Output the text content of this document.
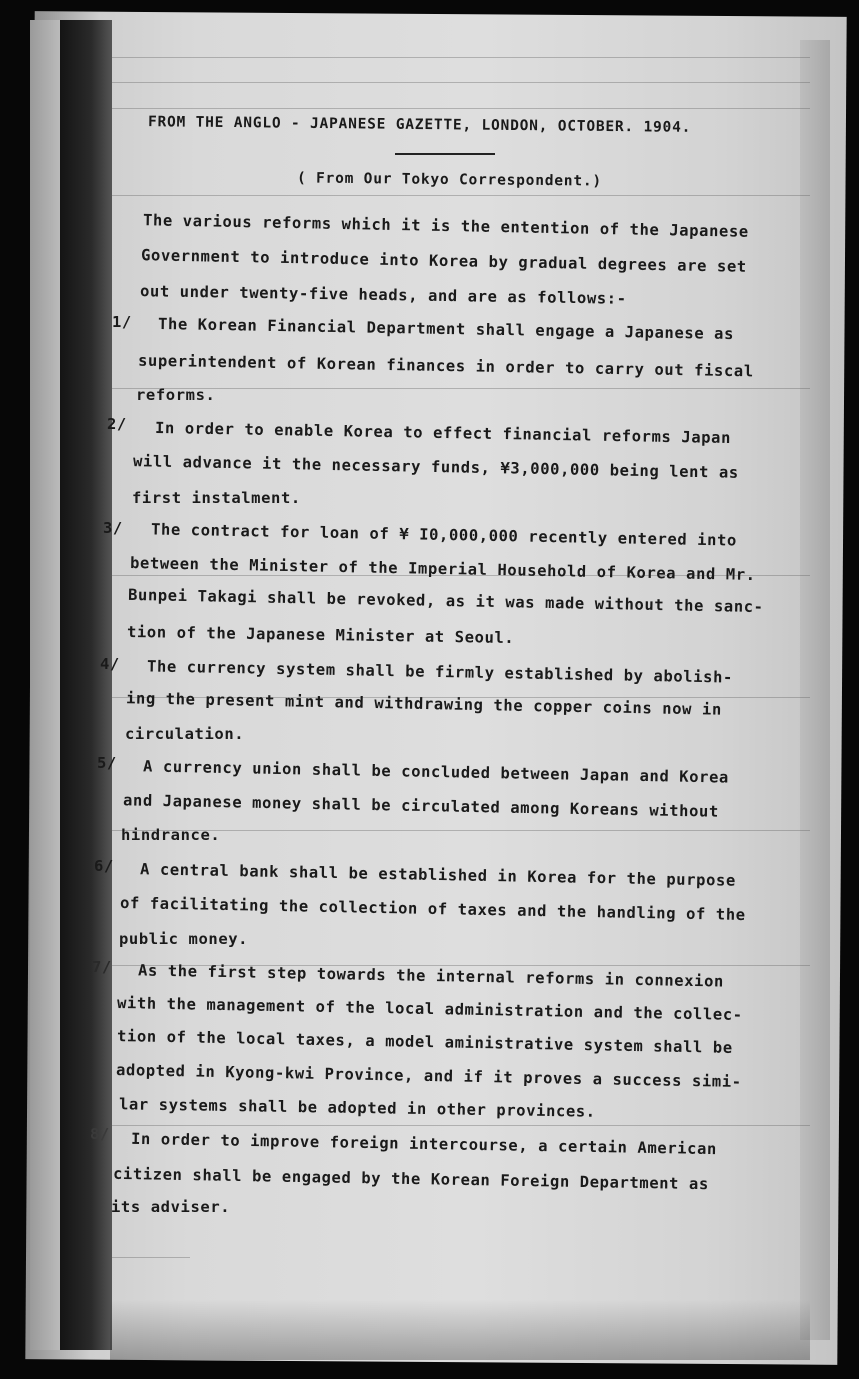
FROM THE ANGLO - JAPANESE GAZETTE, LONDON, OCTOBER. 1904.
( From Our Tokyo Correspondent.)
The various reforms which it is the entention of the Japanese
Government to introduce into Korea by gradual degrees are set
out under twenty-five heads, and are as follows:-
1/ The Korean Financial Department shall engage a Japanese as
superintendent of Korean finances in order to carry out fiscal
reforms.
2/ In order to enable Korea to effect financial reforms Japan
will advance it the necessary funds, ¥3,000,000 being lent as
first instalment.
3/ The contract for loan of ¥ I0,000,000 recently entered into
between the Minister of the Imperial Household of Korea and Mr.
Bunpei Takagi shall be revoked, as it was made without the sanc-
tion of the Japanese Minister at Seoul.
4/ The currency system shall be firmly established by abolish-
ing the present mint and withdrawing the copper coins now in
circulation.
5/ A currency union shall be concluded between Japan and Korea
and Japanese money shall be circulated among Koreans without
hindrance.
6/ A central bank shall be established in Korea for the purpose
of facilitating the collection of taxes and the handling of the
public money.
7/ As the first step towards the internal reforms in connexion
with the management of the local administration and the collec-
tion of the local taxes, a model aministrative system shall be
adopted in Kyong-kwi Province, and if it proves a success simi-
lar systems shall be adopted in other provinces.
8/ In order to improve foreign intercourse, a certain American
citizen shall be engaged by the Korean Foreign Department as
its adviser.
